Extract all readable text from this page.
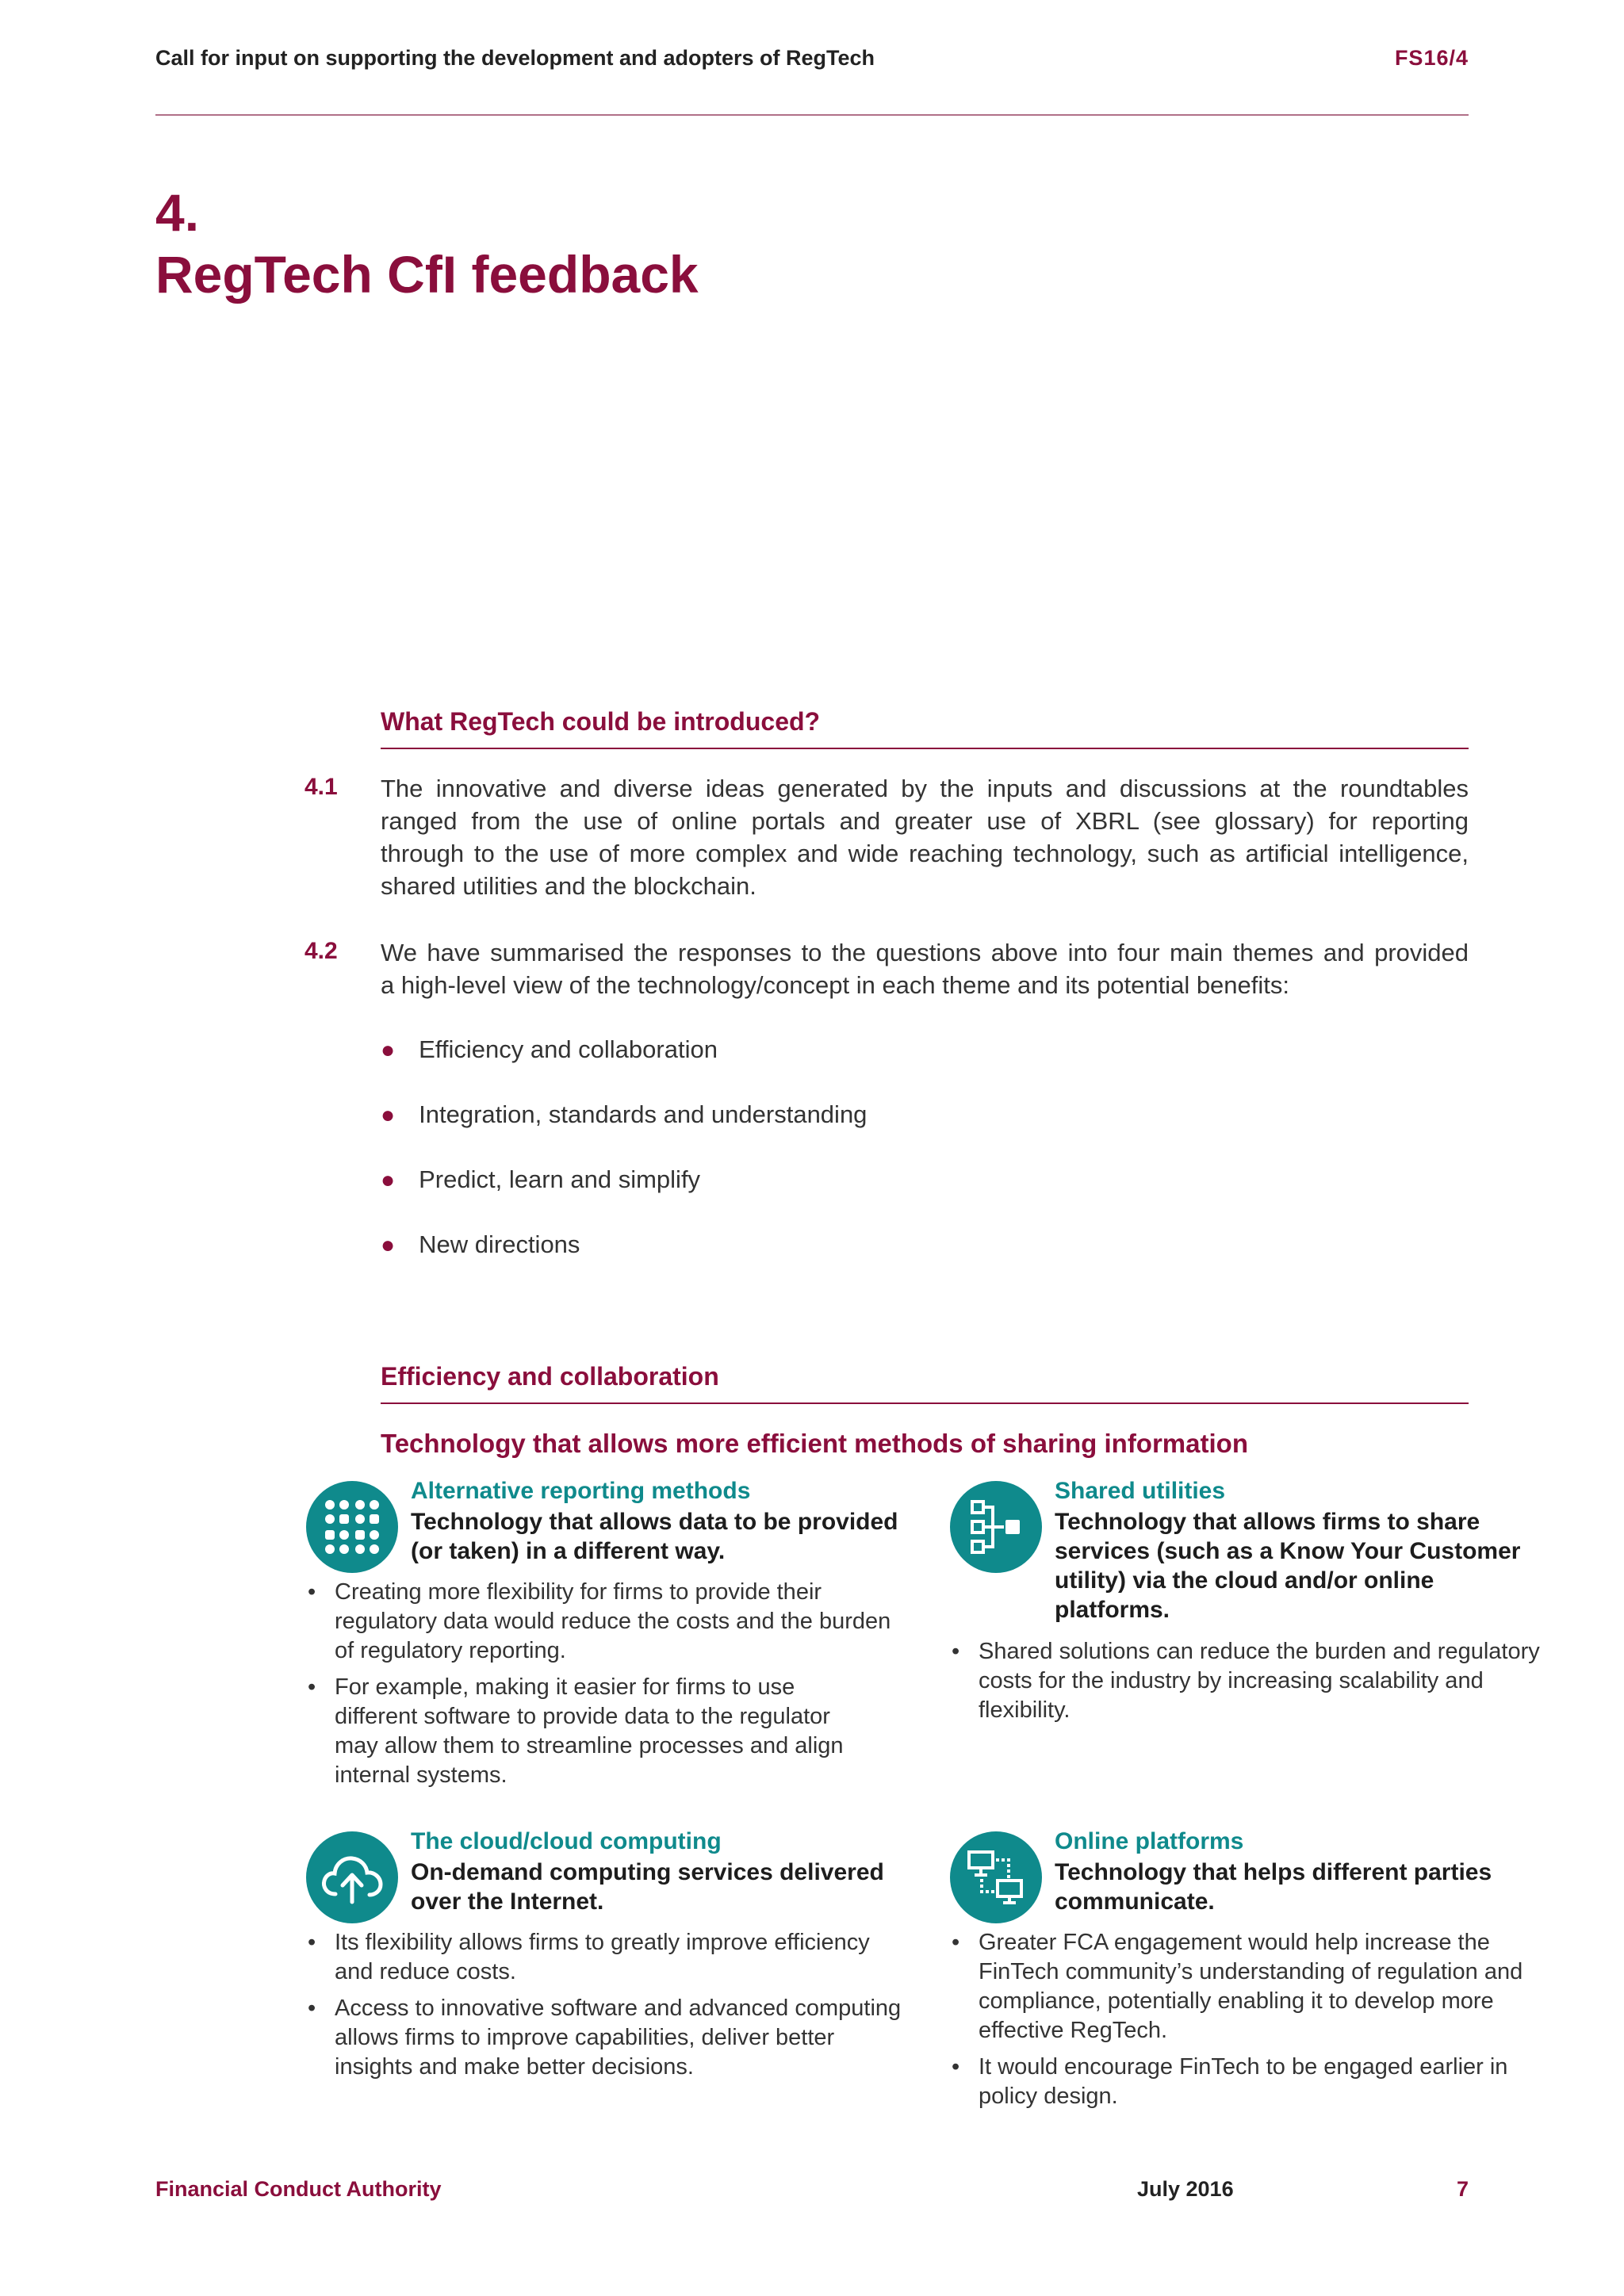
Call for input on supporting the development and adopters of RegTech	FS16/4
4.
RegTech CfI feedback
What RegTech could be introduced?
4.1 The innovative and diverse ideas generated by the inputs and discussions at the roundtables
ranged from the use of online portals and greater use of XBRL (see glossary) for reporting
through to the use of more complex and wide reaching technology, such as artificial intelligence,
shared utilities and the blockchain.
4.2 We have summarised the responses to the questions above into four main themes and provided
a high-level view of the technology/concept in each theme and its potential benefits:
● Efficiency and collaboration
● Integration, standards and understanding
● Predict, learn and simplify
● New directions
Efficiency and collaboration
Technology that allows more efficient methods of sharing information
Alternative reporting methods
Technology that allows data to be provided
(or taken) in a different way.
• Creating more flexibility for firms to provide their
regulatory data would reduce the costs and the burden
of regulatory reporting.
• For example, making it easier for firms to use
different software to provide data to the regulator
may allow them to streamline processes and align
internal systems.
Shared utilities
Technology that allows firms to share
services (such as a Know Your Customer
utility) via the cloud and/or online
platforms.
• Shared solutions can reduce the burden and regulatory
costs for the industry by increasing scalability and
flexibility.
The cloud/cloud computing
On-demand computing services delivered
over the Internet.
• Its flexibility allows firms to greatly improve efficiency
and reduce costs.
• Access to innovative software and advanced computing
allows firms to improve capabilities, deliver better
insights and make better decisions.
Online platforms
Technology that helps different parties
communicate.
• Greater FCA engagement would help increase the
FinTech community’s understanding of regulation and
compliance, potentially enabling it to develop more
effective RegTech.
• It would encourage FinTech to be engaged earlier in
policy design.
Financial Conduct Authority	July 2016	7
